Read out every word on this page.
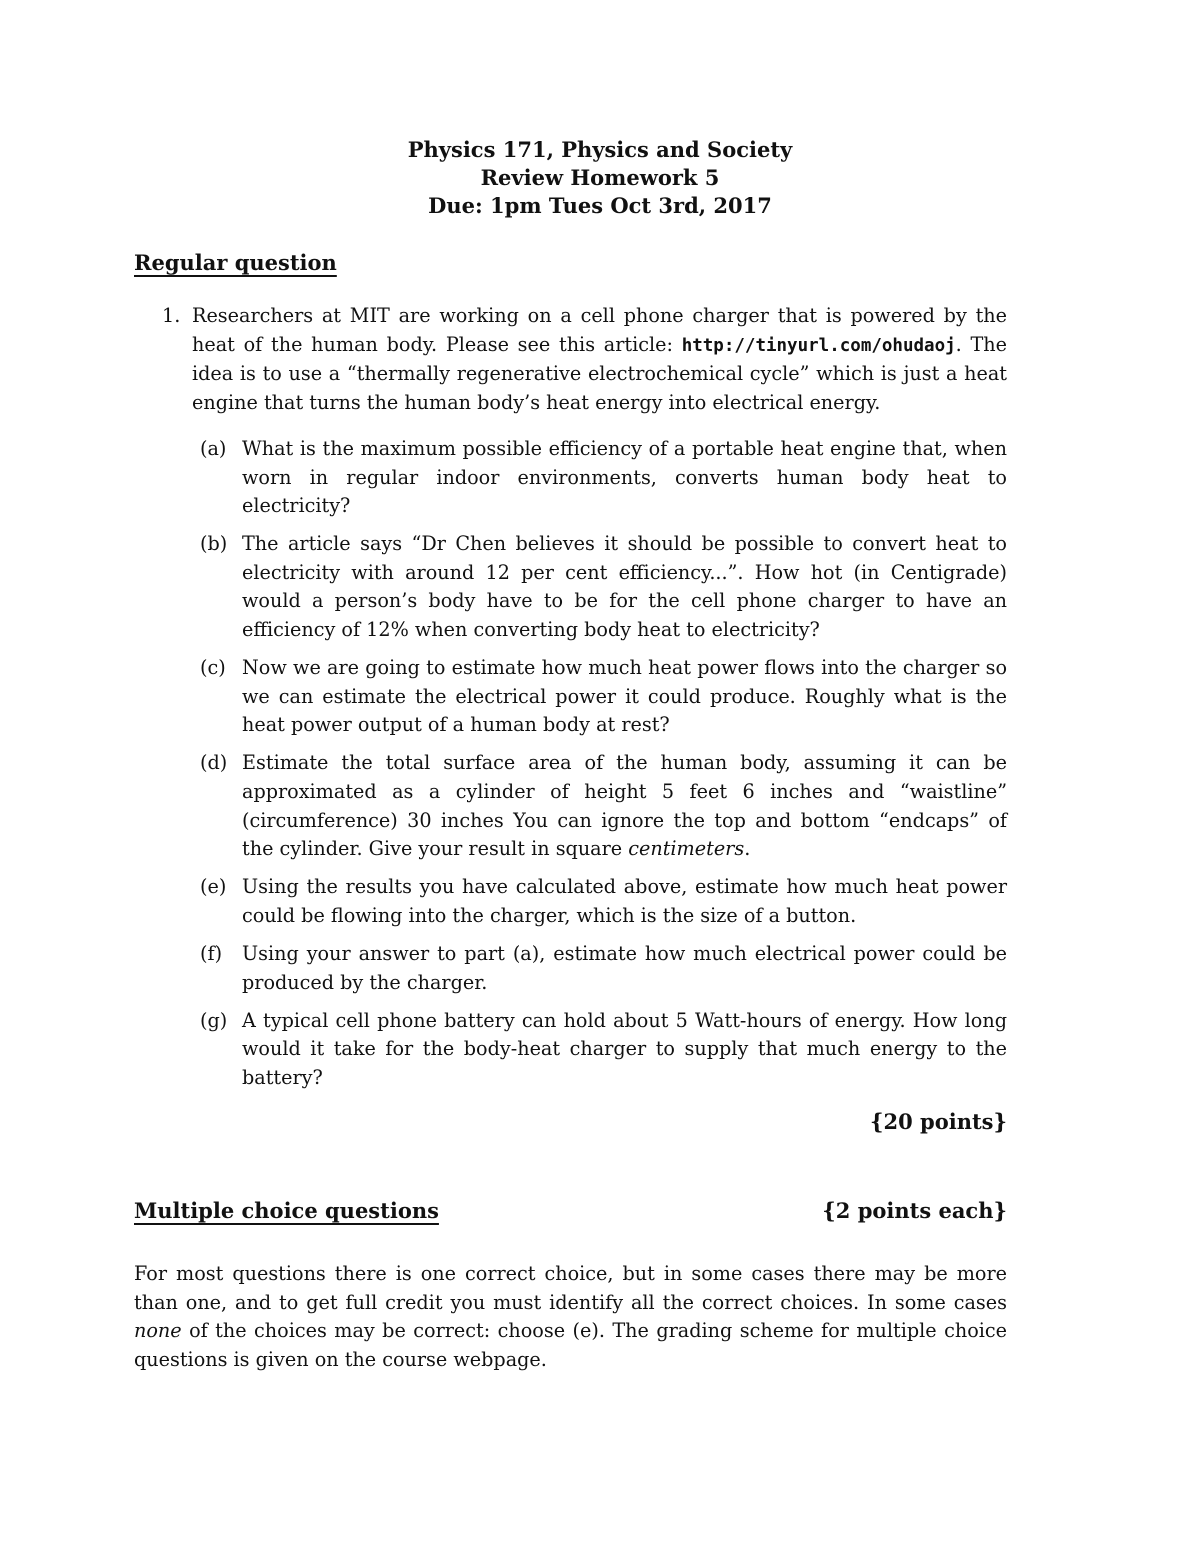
Physics 171, Physics and Society
Review Homework 5
Due: 1pm Tues Oct 3rd, 2017
Regular question
1. Researchers at MIT are working on a cell phone charger that is powered by the heat of the human body. Please see this article: http://tinyurl.com/ohudaoj. The idea is to use a “thermally regenerative electrochemical cycle” which is just a heat engine that turns the human body’s heat energy into electrical energy.
(a) What is the maximum possible efficiency of a portable heat engine that, when worn in regular indoor environments, converts human body heat to electricity?
(b) The article says “Dr Chen believes it should be possible to convert heat to electricity with around 12 per cent efficiency...”. How hot (in Centigrade) would a person’s body have to be for the cell phone charger to have an efficiency of 12% when converting body heat to electricity?
(c) Now we are going to estimate how much heat power flows into the charger so we can estimate the electrical power it could produce. Roughly what is the heat power output of a human body at rest?
(d) Estimate the total surface area of the human body, assuming it can be approximated as a cylinder of height 5 feet 6 inches and “waistline” (circumference) 30 inches You can ignore the top and bottom “endcaps” of the cylinder. Give your result in square centimeters.
(e) Using the results you have calculated above, estimate how much heat power could be flowing into the charger, which is the size of a button.
(f) Using your answer to part (a), estimate how much electrical power could be produced by the charger.
(g) A typical cell phone battery can hold about 5 Watt-hours of energy. How long would it take for the body-heat charger to supply that much energy to the battery?
{20 points}
Multiple choice questions	{2 points each}
For most questions there is one correct choice, but in some cases there may be more than one, and to get full credit you must identify all the correct choices. In some cases none of the choices may be correct: choose (e). The grading scheme for multiple choice questions is given on the course webpage.
